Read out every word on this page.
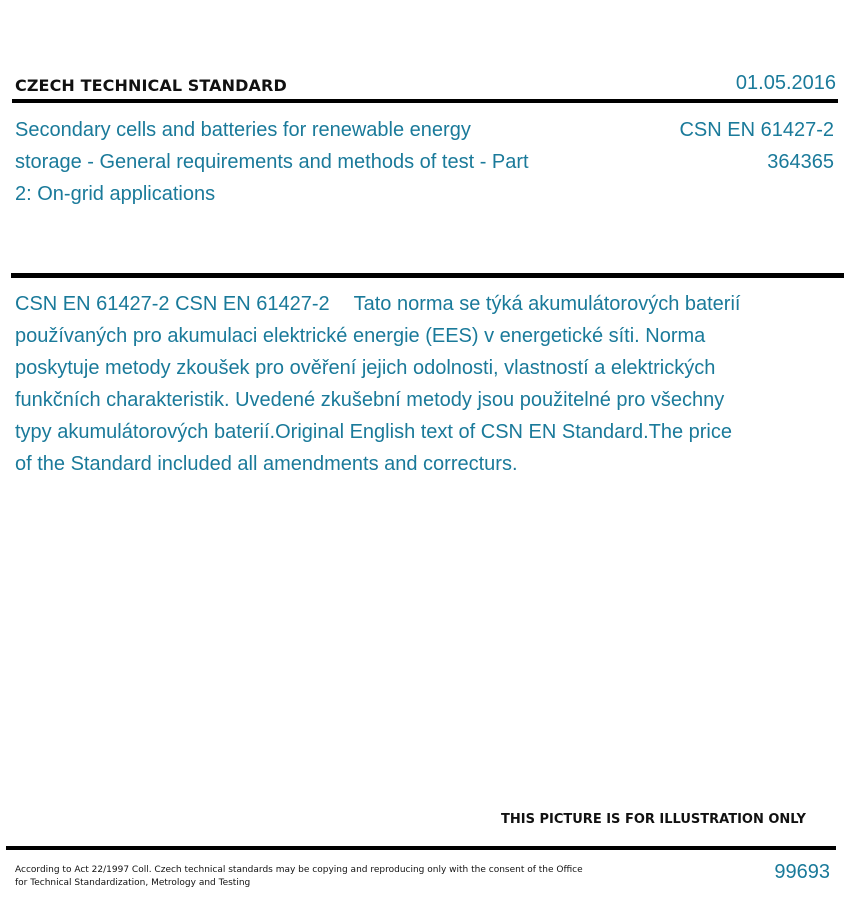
CZECH TECHNICAL STANDARD	01.05.2016
Secondary cells and batteries for renewable energy storage - General requirements and methods of test - Part 2: On-grid applications
CSN EN 61427-2
364365
CSN EN 61427-2 CSN EN 61427-2 Tato norma se týká akumulátorových baterií používaných pro akumulaci elektrické energie (EES) v energetické síti. Norma poskytuje metody zkoušek pro ověření jejich odolnosti, vlastností a elektrických funkčních charakteristik. Uvedené zkušební metody jsou použitelné pro všechny typy akumulátorových baterií.Original English text of CSN EN Standard.The price of the Standard included all amendments and correcturs.
THIS PICTURE IS FOR ILLUSTRATION ONLY
According to Act 22/1997 Coll. Czech technical standards may be copying and reproducing only with the consent of the Office
for Technical Standardization, Metrology and Testing	99693
